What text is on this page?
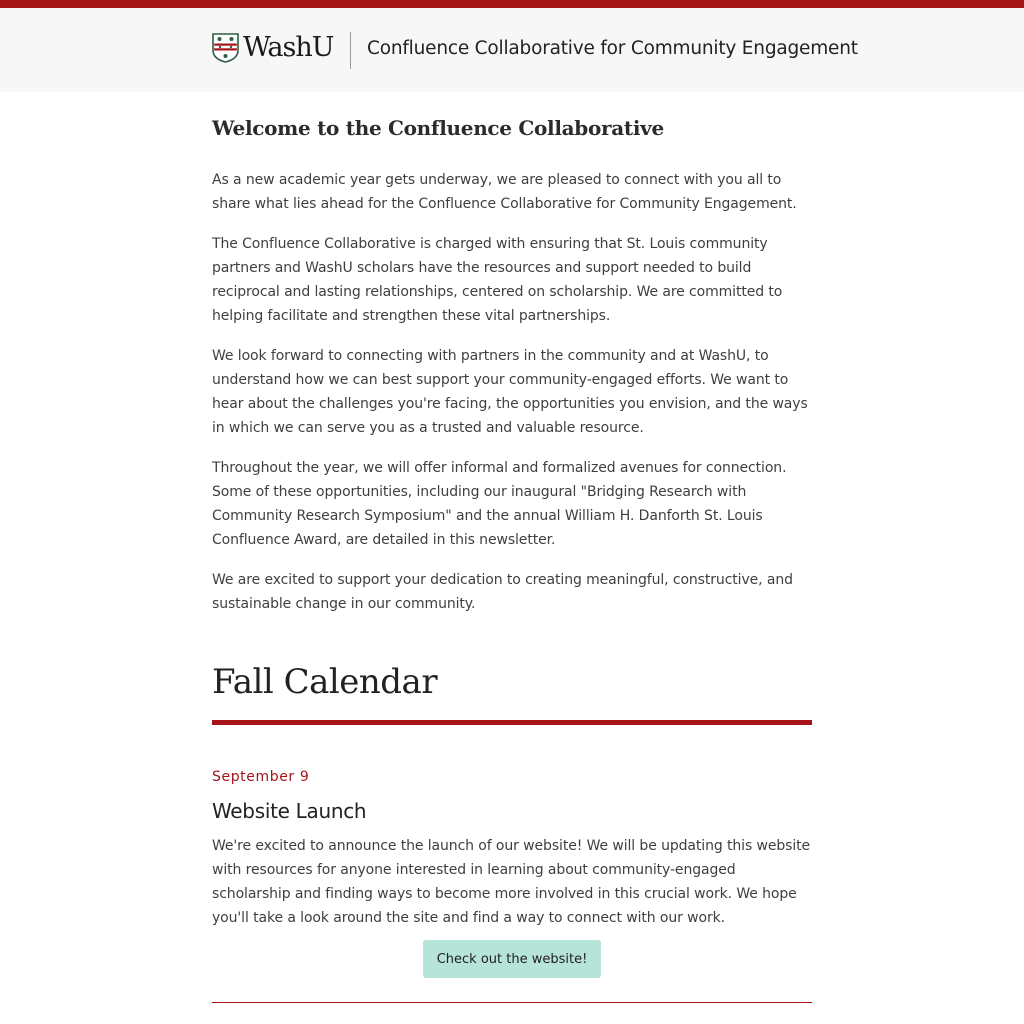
WashU Confluence Collaborative for Community Engagement
Welcome to the Confluence Collaborative

As a new academic year gets underway, we are pleased to connect with you all to share what lies ahead for the Confluence Collaborative for Community Engagement.

The Confluence Collaborative is charged with ensuring that St. Louis community partners and WashU scholars have the resources and support needed to build reciprocal and lasting relationships, centered on scholarship. We are committed to helping facilitate and strengthen these vital partnerships.

We look forward to connecting with partners in the community and at WashU, to understand how we can best support your community-engaged efforts. We want to hear about the challenges you're facing, the opportunities you envision, and the ways in which we can serve you as a trusted and valuable resource.

Throughout the year, we will offer informal and formalized avenues for connection. Some of these opportunities, including our inaugural "Bridging Research with Community Research Symposium" and the annual William H. Danforth St. Louis Confluence Award, are detailed in this newsletter.

We are excited to support your dedication to creating meaningful, constructive, and sustainable change in our community.

Fall Calendar
September 9
Website Launch

We're excited to announce the launch of our website! We will be updating this website with resources for anyone interested in learning about community-engaged scholarship and finding ways to become more involved in this crucial work. We hope you'll take a look around the site and find a way to connect with our work.

Check out the website!
